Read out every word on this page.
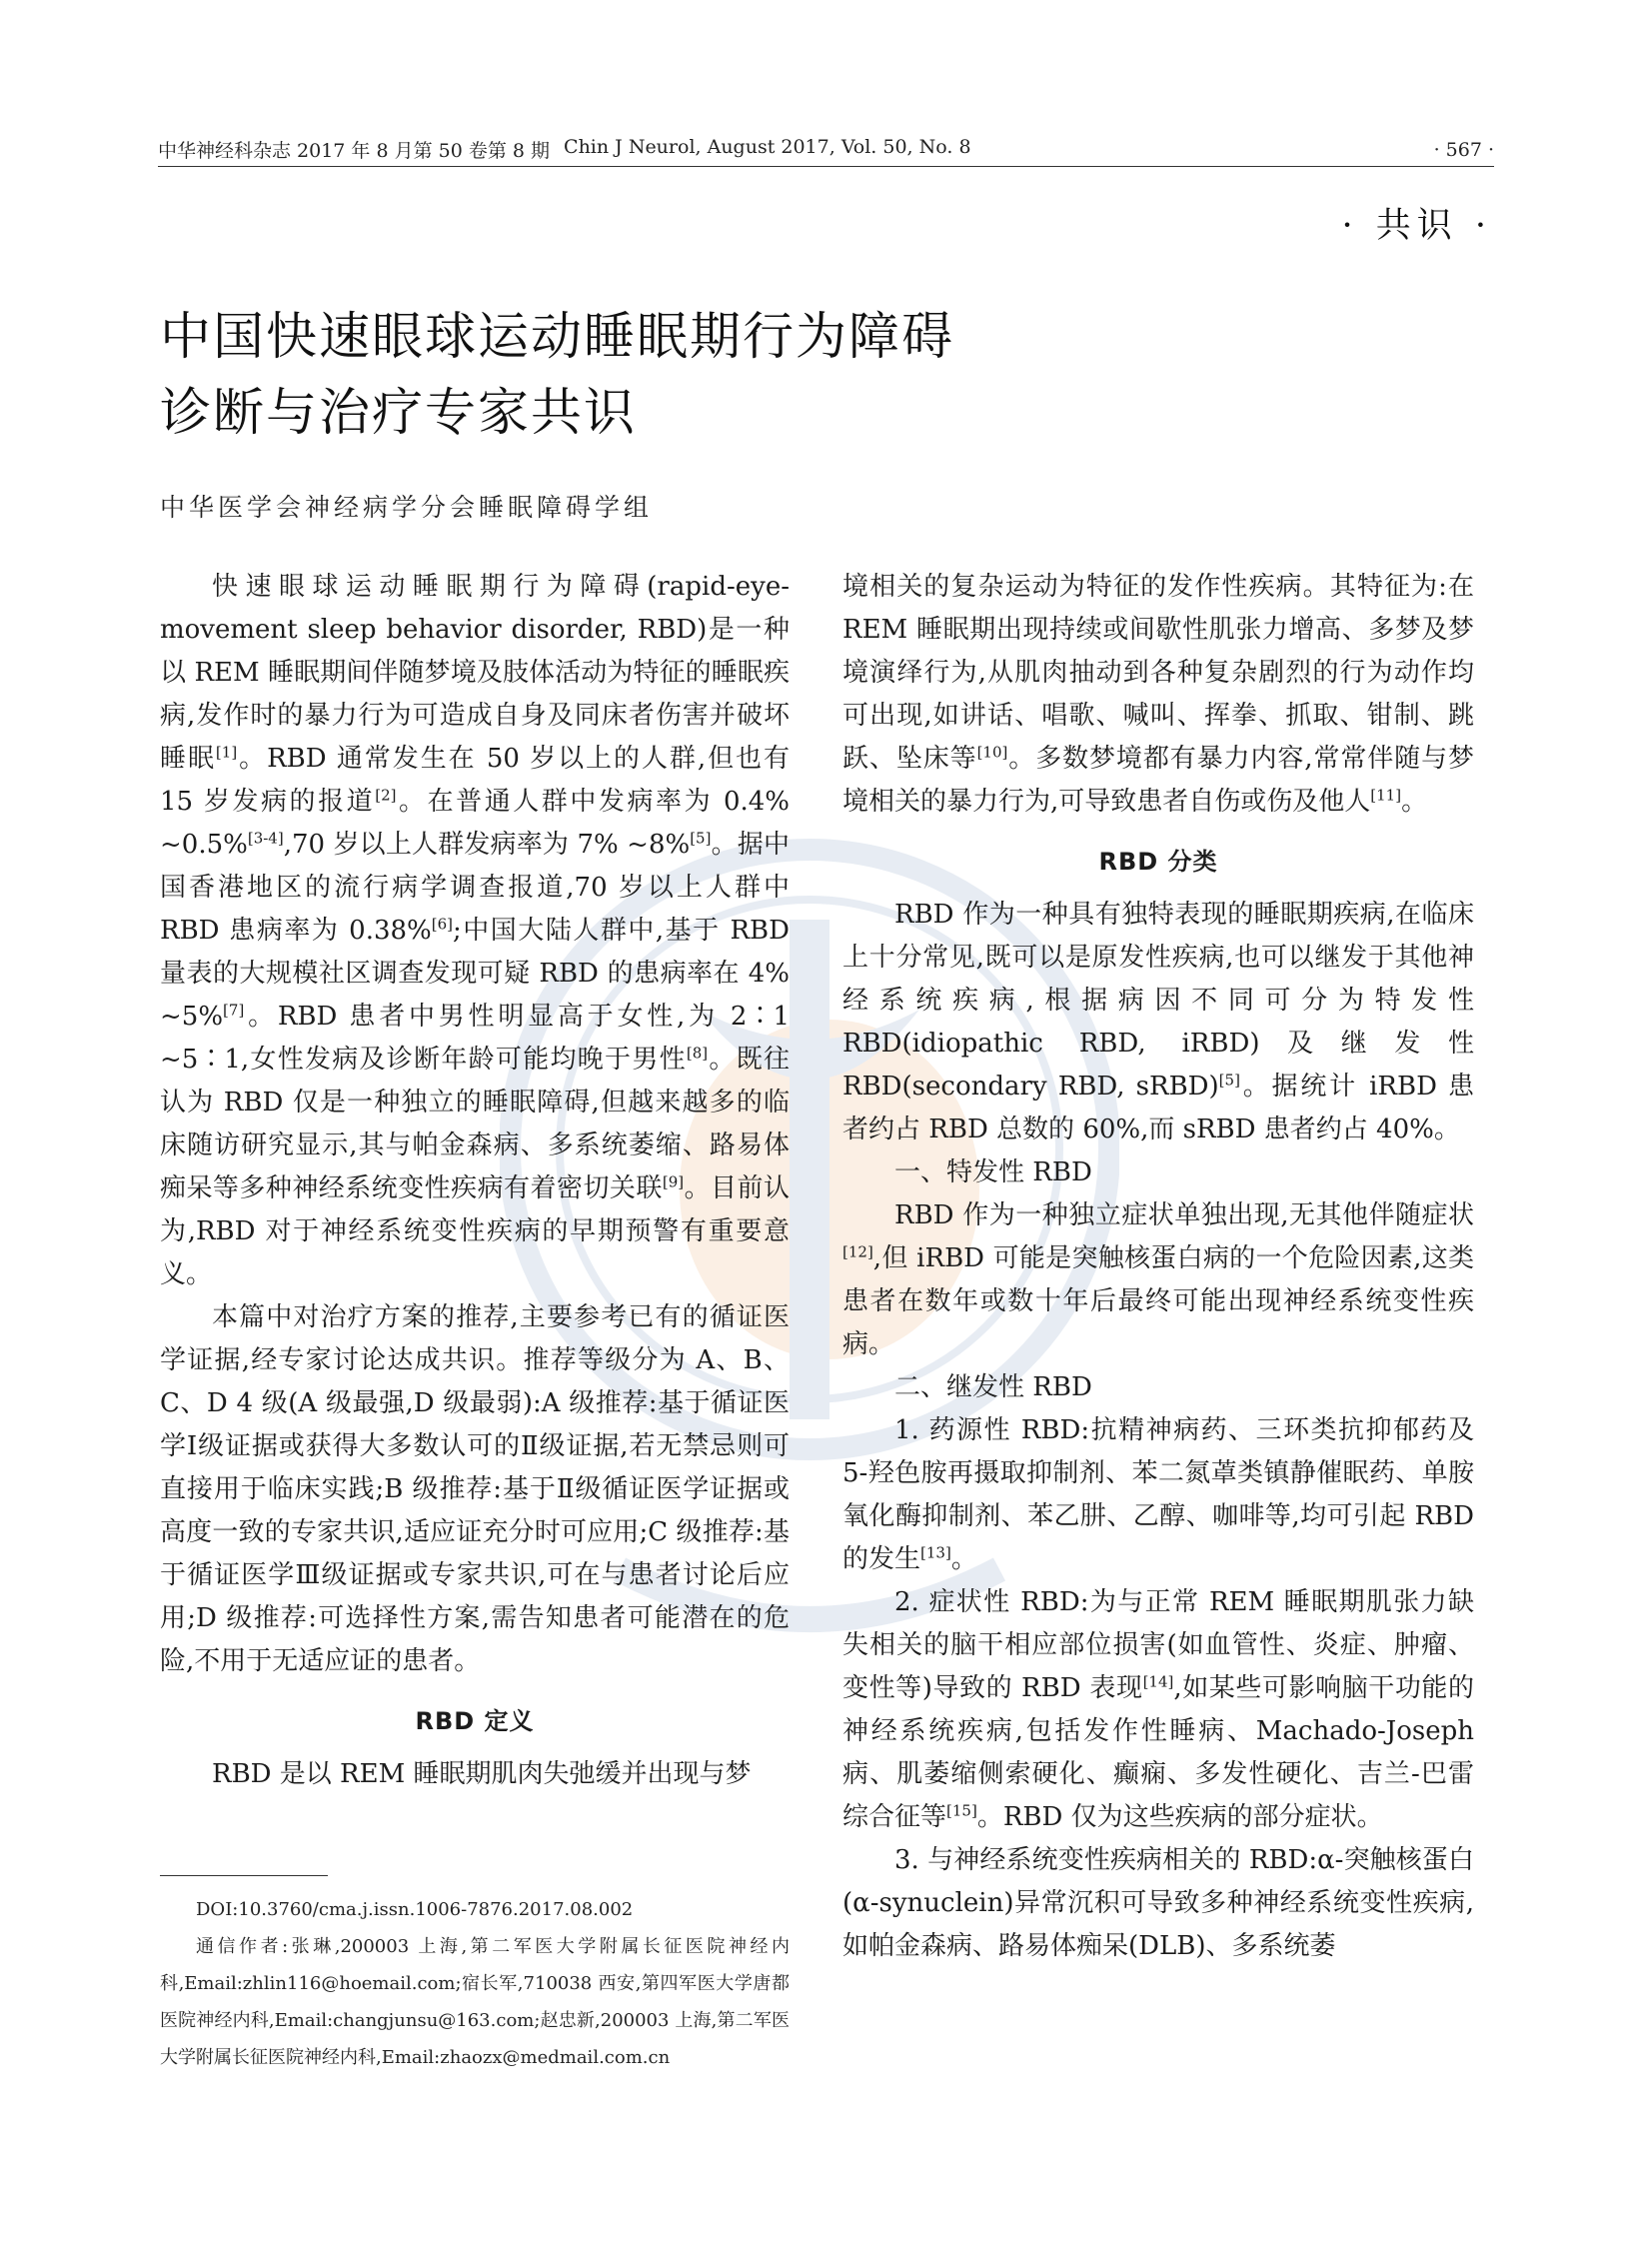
中华神经科杂志 2017 年 8 月第 50 卷第 8 期 Chin J Neurol, August 2017, Vol. 50, No. 8	· 567 ·
· 共识 ·
中国快速眼球运动睡眠期行为障碍
诊断与治疗专家共识
中华医学会神经病学分会睡眠障碍学组

快速眼球运动睡眠期行为障碍(rapid-eye-movement sleep behavior disorder, RBD)是一种以 REM 睡眠期间伴随梦境及肢体活动为特征的睡眠疾病,发作时的暴力行为可造成自身及同床者伤害并破坏睡眠[1]。RBD 通常发生在 50 岁以上的人群,但也有 15 岁发病的报道[2]。在普通人群中发病率为 0.4% ~0.5%[3-4],70 岁以上人群发病率为 7% ~8%[5]。据中国香港地区的流行病学调查报道,70 岁以上人群中 RBD 患病率为 0.38%[6];中国大陆人群中,基于 RBD 量表的大规模社区调查发现可疑 RBD 的患病率在 4% ~5%[7]。RBD 患者中男性明显高于女性,为 2∶1 ~5∶1,女性发病及诊断年龄可能均晚于男性[8]。既往认为 RBD 仅是一种独立的睡眠障碍,但越来越多的临床随访研究显示,其与帕金森病、多系统萎缩、路易体痴呆等多种神经系统变性疾病有着密切关联[9]。目前认为,RBD 对于神经系统变性疾病的早期预警有重要意义。

本篇中对治疗方案的推荐,主要参考已有的循证医学证据,经专家讨论达成共识。推荐等级分为 A、B、C、D 4 级(A 级最强,D 级最弱):A 级推荐:基于循证医学Ⅰ级证据或获得大多数认可的Ⅱ级证据,若无禁忌则可直接用于临床实践;B 级推荐:基于Ⅱ级循证医学证据或高度一致的专家共识,适应证充分时可应用;C 级推荐:基于循证医学Ⅲ级证据或专家共识,可在与患者讨论后应用;D 级推荐:可选择性方案,需告知患者可能潜在的危险,不用于无适应证的患者。

RBD 定义

RBD 是以 REM 睡眠期肌肉失弛缓并出现与梦

境相关的复杂运动为特征的发作性疾病。其特征为:在 REM 睡眠期出现持续或间歇性肌张力增高、多梦及梦境演绎行为,从肌肉抽动到各种复杂剧烈的行为动作均可出现,如讲话、唱歌、喊叫、挥拳、抓取、钳制、跳跃、坠床等[10]。多数梦境都有暴力内容,常常伴随与梦境相关的暴力行为,可导致患者自伤或伤及他人[11]。

RBD 分类

RBD 作为一种具有独特表现的睡眠期疾病,在临床上十分常见,既可以是原发性疾病,也可以继发于其他神经系统疾病,根据病因不同可分为特发性 RBD(idiopathic RBD, iRBD)及继发性 RBD(secondary RBD, sRBD)[5]。据统计 iRBD 患者约占 RBD 总数的 60%,而 sRBD 患者约占 40%。

一、特发性 RBD

RBD 作为一种独立症状单独出现,无其他伴随症状[12],但 iRBD 可能是突触核蛋白病的一个危险因素,这类患者在数年或数十年后最终可能出现神经系统变性疾病。

二、继发性 RBD

1. 药源性 RBD:抗精神病药、三环类抗抑郁药及 5-羟色胺再摄取抑制剂、苯二氮䓬类镇静催眠药、单胺氧化酶抑制剂、苯乙肼、乙醇、咖啡等,均可引起 RBD 的发生[13]。

2. 症状性 RBD:为与正常 REM 睡眠期肌张力缺失相关的脑干相应部位损害(如血管性、炎症、肿瘤、变性等)导致的 RBD 表现[14],如某些可影响脑干功能的神经系统疾病,包括发作性睡病、Machado-Joseph 病、肌萎缩侧索硬化、癫痫、多发性硬化、吉兰-巴雷综合征等[15]。RBD 仅为这些疾病的部分症状。

3. 与神经系统变性疾病相关的 RBD:α-突触核蛋白(α-synuclein)异常沉积可导致多种神经系统变性疾病,如帕金森病、路易体痴呆(DLB)、多系统萎

DOI:10.3760/cma.j.issn.1006-7876.2017.08.002

通信作者:张琳,200003 上海,第二军医大学附属长征医院神经内科,Email:zhlin116@hoemail.com;宿长军,710038 西安,第四军医大学唐都医院神经内科,Email:changjunsu@163.com;赵忠新,200003 上海,第二军医大学附属长征医院神经内科,Email:zhaozx@medmail.com.cn
